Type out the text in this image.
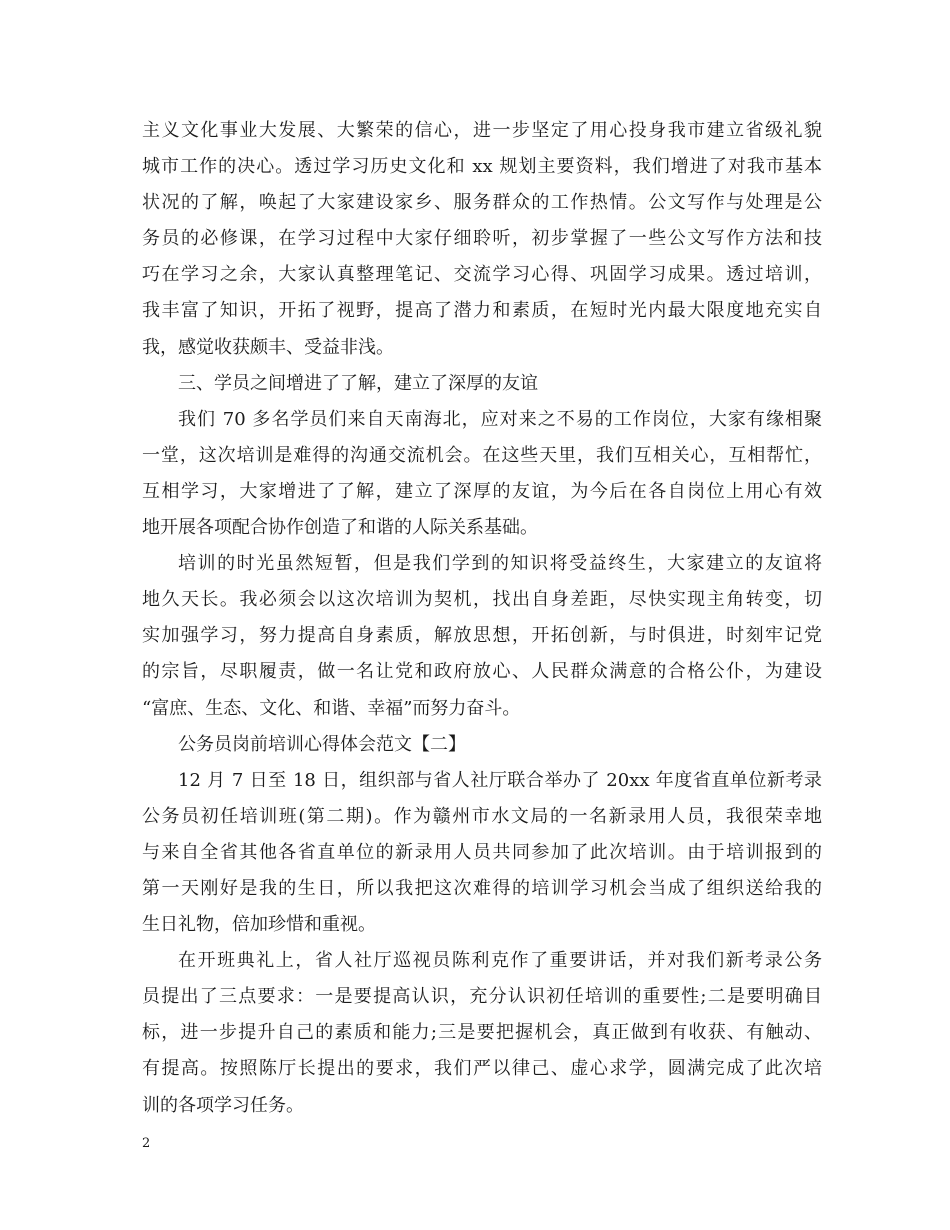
主义文化事业大发展、大繁荣的信心，进一步坚定了用心投身我市建立省级礼貌
城市工作的决心。透过学习历史文化和 xx 规划主要资料，我们增进了对我市基本
状况的了解，唤起了大家建设家乡、服务群众的工作热情。公文写作与处理是公
务员的必修课，在学习过程中大家仔细聆听，初步掌握了一些公文写作方法和技
巧在学习之余，大家认真整理笔记、交流学习心得、巩固学习成果。透过培训，
我丰富了知识，开拓了视野，提高了潜力和素质，在短时光内最大限度地充实自
我，感觉收获颇丰、受益非浅。
三、学员之间增进了了解，建立了深厚的友谊
我们 70 多名学员们来自天南海北，应对来之不易的工作岗位，大家有缘相聚
一堂，这次培训是难得的沟通交流机会。在这些天里，我们互相关心，互相帮忙，
互相学习，大家增进了了解，建立了深厚的友谊，为今后在各自岗位上用心有效
地开展各项配合协作创造了和谐的人际关系基础。
培训的时光虽然短暂，但是我们学到的知识将受益终生，大家建立的友谊将
地久天长。我必须会以这次培训为契机，找出自身差距，尽快实现主角转变，切
实加强学习，努力提高自身素质，解放思想，开拓创新，与时俱进，时刻牢记党
的宗旨，尽职履责，做一名让党和政府放心、人民群众满意的合格公仆，为建设
“富庶、生态、文化、和谐、幸福”而努力奋斗。
公务员岗前培训心得体会范文【二】
12 月 7 日至 18 日，组织部与省人社厅联合举办了 20xx 年度省直单位新考录
公务员初任培训班(第二期)。作为赣州市水文局的一名新录用人员，我很荣幸地
与来自全省其他各省直单位的新录用人员共同参加了此次培训。由于培训报到的
第一天刚好是我的生日，所以我把这次难得的培训学习机会当成了组织送给我的
生日礼物，倍加珍惜和重视。
在开班典礼上，省人社厅巡视员陈利克作了重要讲话，并对我们新考录公务
员提出了三点要求：一是要提高认识，充分认识初任培训的重要性;二是要明确目
标，进一步提升自己的素质和能力;三是要把握机会，真正做到有收获、有触动、
有提高。按照陈厅长提出的要求，我们严以律己、虚心求学，圆满完成了此次培
训的各项学习任务。
2
